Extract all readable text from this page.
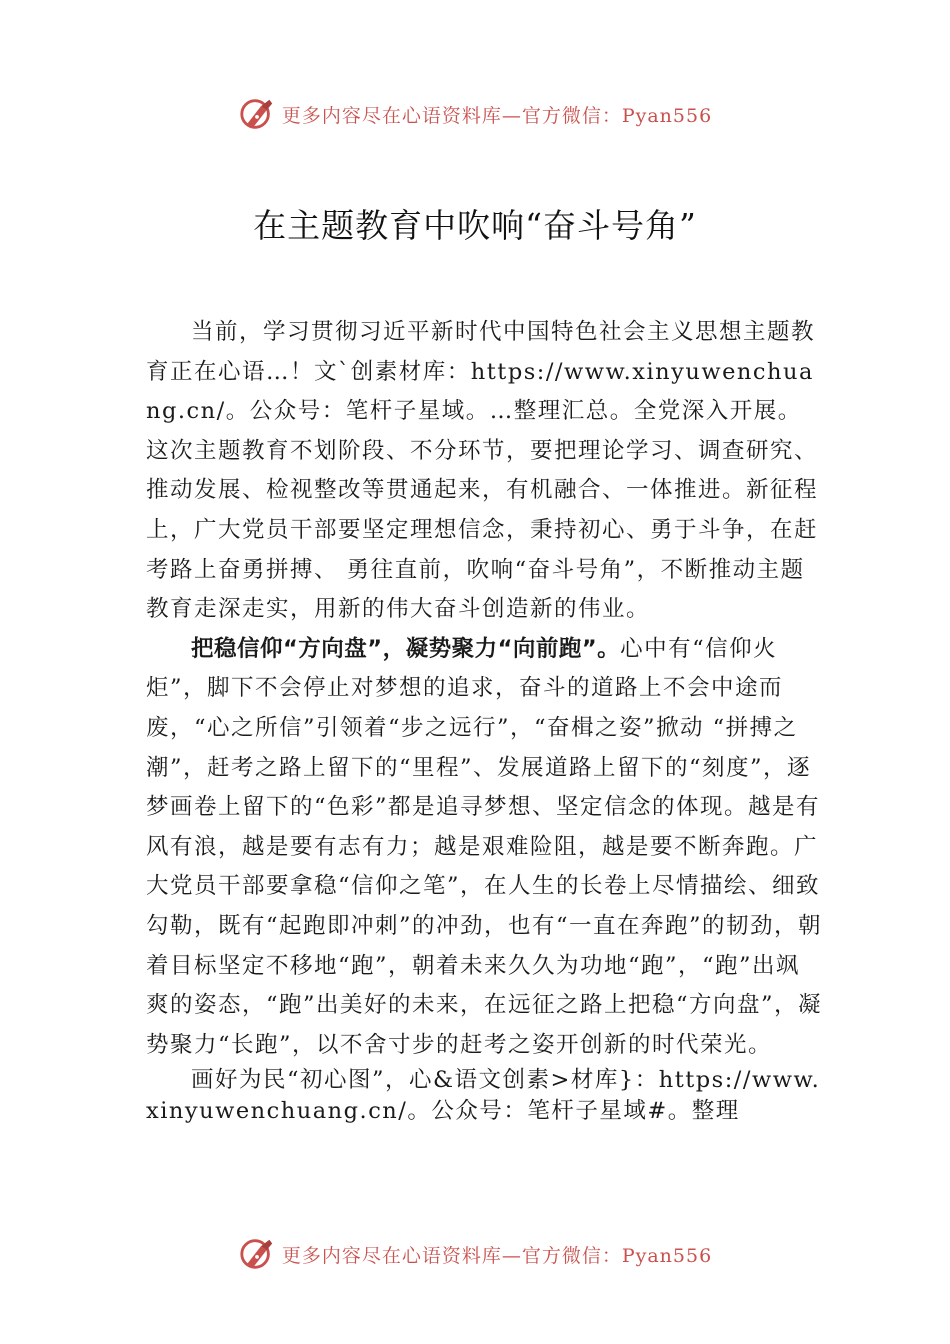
更多内容尽在心语资料库—官方微信：Pyan556
在主题教育中吹响“奋斗号角”

当前，学习贯彻习近平新时代中国特色社会主义思想主题教育正在心语…！文`创素材库：https://www.xinyuwenchuang.cn/。公众号：笔杆子星域。…整理汇总。全党深入开展。这次主题教育不划阶段、不分环节，要把理论学习、调查研究、推动发展、检视整改等贯通起来，有机融合、一体推进。新征程上，广大党员干部要坚定理想信念，秉持初心、勇于斗争，在赶考路上奋勇拼搏、 勇往直前，吹响“奋斗号角”，不断推动主题教育走深走实，用新的伟大奋斗创造新的伟业。

把稳信仰“方向盘”，凝势聚力“向前跑”。心中有“信仰火炬”，脚下不会停止对梦想的追求，奋斗的道路上不会中途而废，“心之所信”引领着“步之远行”，“奋楫之姿”掀动 “拼搏之潮”，赶考之路上留下的“里程”、发展道路上留下的“刻度”，逐梦画卷上留下的“色彩”都是追寻梦想、坚定信念的体现。越是有风有浪，越是要有志有力；越是艰难险阻，越是要不断奔跑。广大党员干部要拿稳“信仰之笔”，在人生的长卷上尽情描绘、细致勾勒，既有“起跑即冲刺”的冲劲，也有“一直在奔跑”的韧劲，朝着目标坚定不移地“跑”，朝着未来久久为功地“跑”，“跑”出飒爽的姿态，“跑”出美好的未来，在远征之路上把稳“方向盘”，凝势聚力“长跑”，以不舍寸步的赶考之姿开创新的时代荣光。

画好为民“初心图”，心&语文创素>材库}：https://www.xinyuwenchuang.cn/。公众号：笔杆子星域#。整理

更多内容尽在心语资料库—官方微信：Pyan556
